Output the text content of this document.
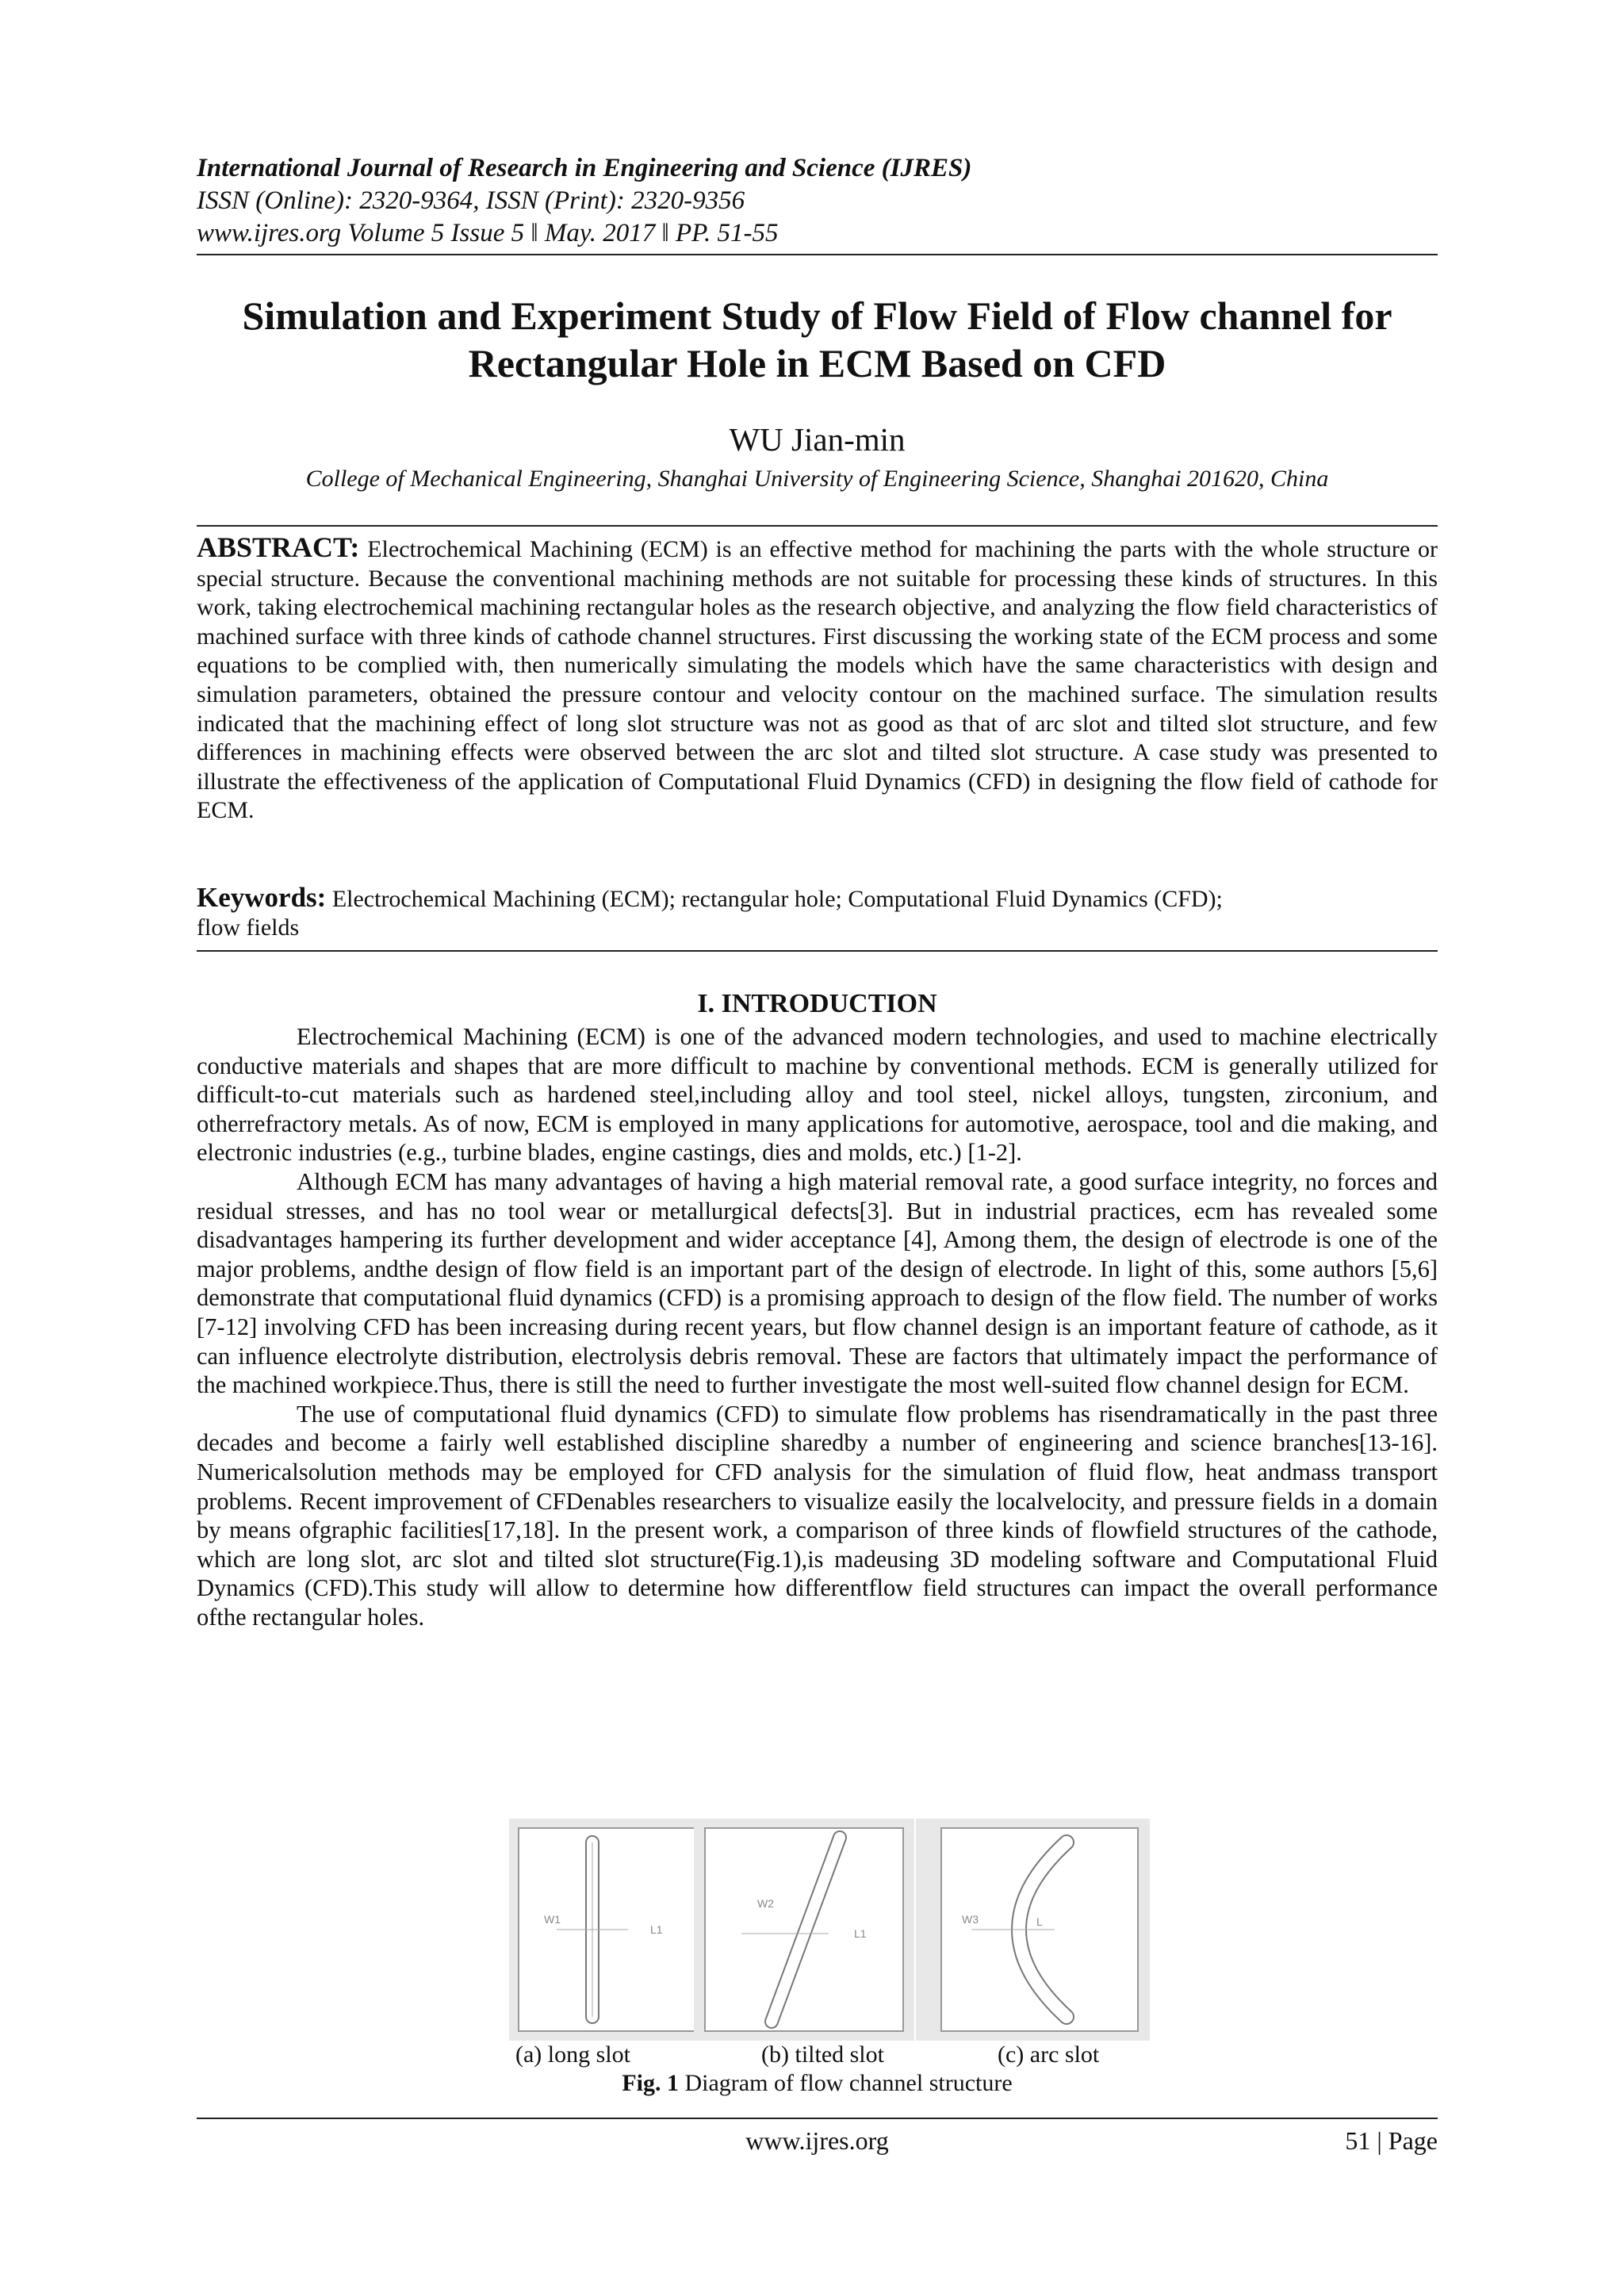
International Journal of Research in Engineering and Science (IJRES)
ISSN (Online): 2320-9364, ISSN (Print): 2320-9356
www.ijres.org Volume 5 Issue 5 ǁ May. 2017 ǁ PP. 51-55
Simulation and Experiment Study of Flow Field of Flow channel for Rectangular Hole in ECM Based on CFD
WU Jian-min
College of Mechanical Engineering, Shanghai University of Engineering Science, Shanghai 201620, China
ABSTRACT: Electrochemical Machining (ECM) is an effective method for machining the parts with the whole structure or special structure. Because the conventional machining methods are not suitable for processing these kinds of structures. In this work, taking electrochemical machining rectangular holes as the research objective, and analyzing the flow field characteristics of machined surface with three kinds of cathode channel structures. First discussing the working state of the ECM process and some equations to be complied with, then numerically simulating the models which have the same characteristics with design and simulation parameters, obtained the pressure contour and velocity contour on the machined surface. The simulation results indicated that the machining effect of long slot structure was not as good as that of arc slot and tilted slot structure, and few differences in machining effects were observed between the arc slot and tilted slot structure. A case study was presented to illustrate the effectiveness of the application of Computational Fluid Dynamics (CFD) in designing the flow field of cathode for ECM.
Keywords: Electrochemical Machining (ECM); rectangular hole; Computational Fluid Dynamics (CFD);
flow fields
I. INTRODUCTION

Electrochemical Machining (ECM) is one of the advanced modern technologies, and used to machine electrically conductive materials and shapes that are more difficult to machine by conventional methods. ECM is generally utilized for difficult-to-cut materials such as hardened steel,including alloy and tool steel, nickel alloys, tungsten, zirconium, and otherrefractory metals. As of now, ECM is employed in many applications for automotive, aerospace, tool and die making, and electronic industries (e.g., turbine blades, engine castings, dies and molds, etc.) [1-2].

Although ECM has many advantages of having a high material removal rate, a good surface integrity, no forces and residual stresses, and has no tool wear or metallurgical defects[3]. But in industrial practices, ecm has revealed some disadvantages hampering its further development and wider acceptance [4], Among them, the design of electrode is one of the major problems, andthe design of flow field is an important part of the design of electrode. In light of this, some authors [5,6] demonstrate that computational fluid dynamics (CFD) is a promising approach to design of the flow field. The number of works [7-12] involving CFD has been increasing during recent years, but flow channel design is an important feature of cathode, as it can influence electrolyte distribution, electrolysis debris removal. These are factors that ultimately impact the performance of the machined workpiece.Thus, there is still the need to further investigate the most well-suited flow channel design for ECM.

The use of computational fluid dynamics (CFD) to simulate flow problems has risendramatically in the past three decades and become a fairly well established discipline sharedby a number of engineering and science branches[13-16]. Numericalsolution methods may be employed for CFD analysis for the simulation of fluid flow, heat andmass transport problems. Recent improvement of CFDenables researchers to visualize easily the localvelocity, and pressure fields in a domain by means ofgraphic facilities[17,18]. In the present work, a comparison of three kinds of flowfield structures of the cathode, which are long slot, arc slot and tilted slot structure(Fig.1),is madeusing 3D modeling software and Computational Fluid Dynamics (CFD).This study will allow to determine how differentflow field structures can impact the overall performance ofthe rectangular holes.

W1
L1
W2
L1
W3	L
(a) long slot	(b) tilted slot	(c) arc slot
Fig. 1 Diagram of flow channel structure
www.ijres.org	51 | Page
